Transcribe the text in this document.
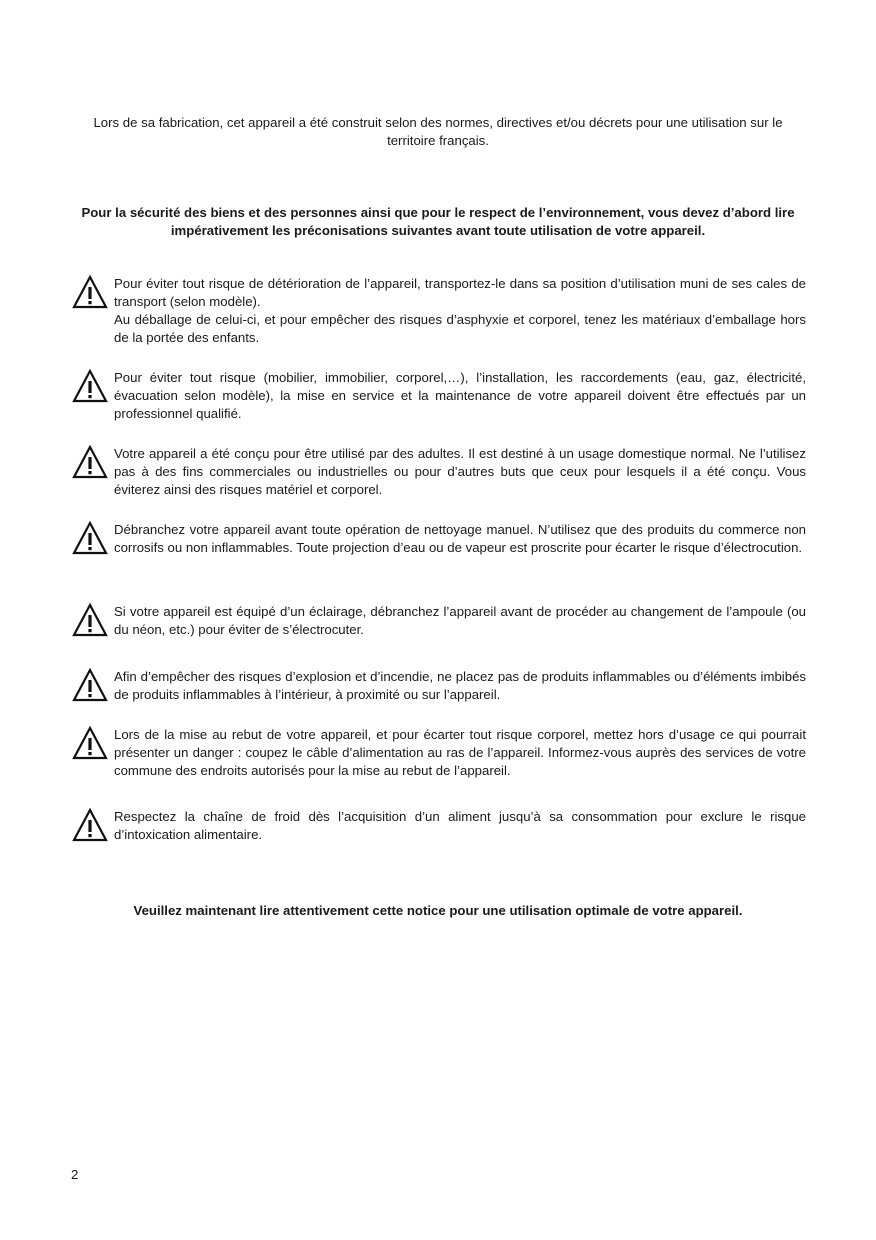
Lors de sa fabrication, cet appareil a été construit selon des normes, directives et/ou décrets pour une utilisation sur le territoire français.

Pour la sécurité des biens et des personnes ainsi que pour le respect de l’environnement, vous devez d’abord lire impérativement les préconisations suivantes avant toute utilisation de votre appareil.

Pour éviter tout risque de détérioration de l’appareil, transportez-le dans sa position d’utilisation muni de ses cales de transport (selon modèle).

Au déballage de celui-ci, et pour empêcher des risques d’asphyxie et corporel, tenez les matériaux d’emballage hors de la portée des enfants.

Pour éviter tout risque (mobilier, immobilier, corporel,…), l’installation, les raccordements (eau, gaz, électricité, évacuation selon modèle), la mise en service et la maintenance de votre appareil doivent être effectués par un professionnel qualifié.

Votre appareil a été conçu pour être utilisé par des adultes. Il est destiné à un usage domestique normal. Ne l’utilisez pas à des fins commerciales ou industrielles ou pour d’autres buts que ceux pour lesquels il a été conçu. Vous éviterez ainsi des risques matériel et corporel.

Débranchez votre appareil avant toute opération de nettoyage manuel. N’utilisez que des produits du commerce non corrosifs ou non inflammables. Toute projection d’eau ou de vapeur est proscrite pour écarter le risque d’électrocution.

Si votre appareil est équipé d’un éclairage, débranchez l’appareil avant de procéder au changement de l’ampoule (ou du néon, etc.) pour éviter de s’électrocuter.

Afin d’empêcher des risques d’explosion et d’incendie, ne placez pas de produits inflammables ou d’éléments imbibés de produits inflammables à l’intérieur, à proximité ou sur l’appareil.

Lors de la mise au rebut de votre appareil, et pour écarter tout risque corporel, mettez hors d’usage ce qui pourrait présenter un danger : coupez le câble d’alimentation au ras de l’appareil. Informez-vous auprès des services de votre commune des endroits autorisés pour la mise au rebut de l’appareil.

Respectez la chaîne de froid dès l’acquisition d’un aliment jusqu’à sa consommation pour exclure le risque d’intoxication alimentaire.

Veuillez maintenant lire attentivement cette notice pour une utilisation optimale de votre appareil.

2
